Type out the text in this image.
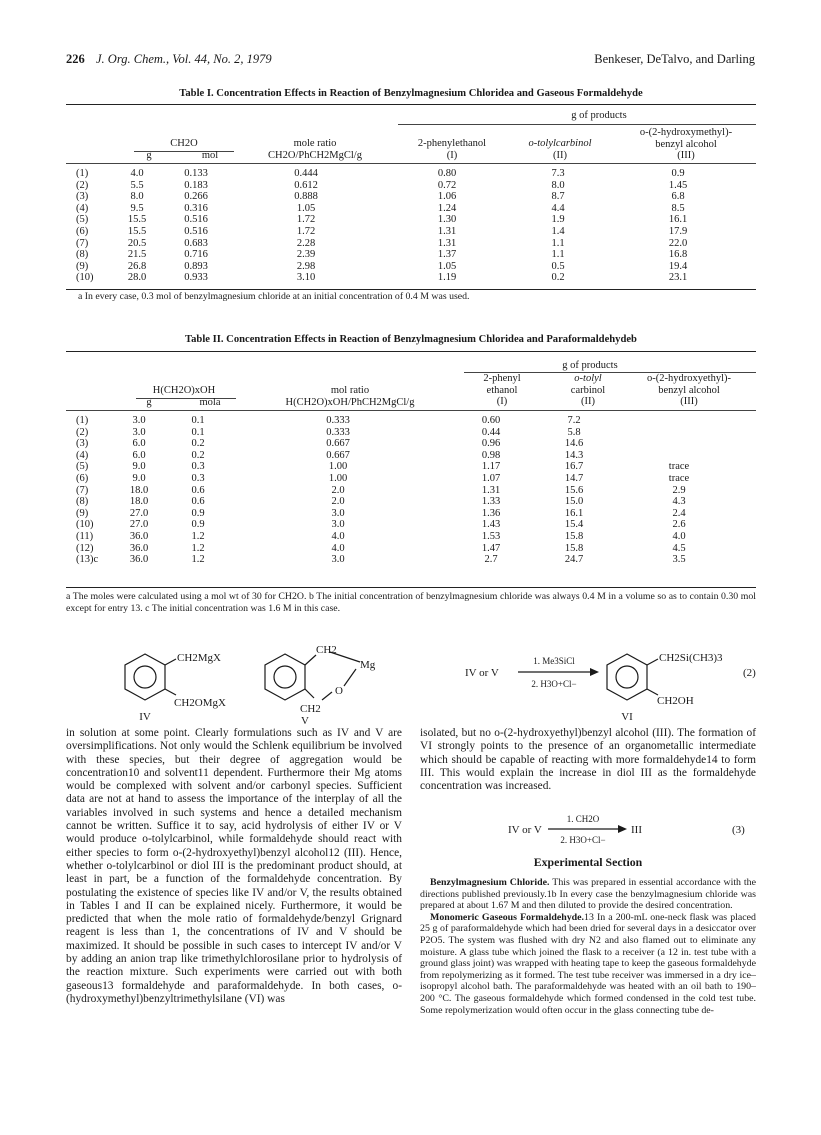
226 J. Org. Chem., Vol. 44, No. 2, 1979	Benkeser, DeTalvo, and Darling
Table I. Concentration Effects in Reaction of Benzylmagnesium Chloridea and Gaseous Formaldehyde
g of products
o-(2-hydroxymethyl)-
benzyl alcohol
(III)
2-phenylethanol
(I)
o-tolylcarbinol
(II)
mole ratio
CH2O/PhCH2MgCl/g
CH2O
g	mol
(1)	4.0	0.133	0.444	0.80	7.3	0.9
(2)	5.5	0.183	0.612	0.72	8.0	1.45
(3)	8.0	0.266	0.888	1.06	8.7	6.8
(4)	9.5	0.316	1.05	1.24	4.4	8.5
(5)	15.5	0.516	1.72	1.30	1.9	16.1
(6)	15.5	0.516	1.72	1.31	1.4	17.9
(7)	20.5	0.683	2.28	1.31	1.1	22.0
(8)	21.5	0.716	2.39	1.37	1.1	16.8
(9)	26.8	0.893	2.98	1.05	0.5	19.4
(10)	28.0	0.933	3.10	1.19	0.2	23.1
a In every case, 0.3 mol of benzylmagnesium chloride at an initial concentration of 0.4 M was used.
Table II. Concentration Effects in Reaction of Benzylmagnesium Chloridea and Paraformaldehydeb
g of products
2-phenyl
ethanol
(I)
o-tolyl
carbinol
(II)
o-(2-hydroxyethyl)-
benzyl alcohol
(III)
H(CH2O)xOH	mol ratio
H(CH2O)xOH/PhCH2MgCl/g
g	mola
(1)	3.0	0.1	0.333	0.60	7.2	
(2)	3.0	0.1	0.333	0.44	5.8	
(3)	6.0	0.2	0.667	0.96	14.6	
(4)	6.0	0.2	0.667	0.98	14.3	
(5)	9.0	0.3	1.00	1.17	16.7	trace
(6)	9.0	0.3	1.00	1.07	14.7	trace
(7)	18.0	0.6	2.0	1.31	15.6	2.9
(8)	18.0	0.6	2.0	1.33	15.0	4.3
(9)	27.0	0.9	3.0	1.36	16.1	2.4
(10)	27.0	0.9	3.0	1.43	15.4	2.6
(11)	36.0	1.2	4.0	1.53	15.8	4.0
(12)	36.0	1.2	4.0	1.47	15.8	4.5
(13)c	36.0	1.2	3.0	2.7	24.7	3.5
a The moles were calculated using a mol wt of 30 for CH2O. b The initial concentration of benzylmagnesium chloride was always 0.4 M in a volume so as to contain 0.30 mol except for entry 13. c The initial concentration was 1.6 M in this case.
CH2MgX
CH2OMgX
IV
CH2
Mg
O
CH2
V
IV or V
1. Me3SiCl
2. H3O+Cl−
CH2Si(CH3)3
CH2OH
VI
(2)

in solution at some point. Clearly formulations such as IV and V are oversimplifications. Not only would the Schlenk equilibrium be involved with these species, but their degree of aggregation would be concentration10 and solvent11 dependent. Furthermore their Mg atoms would be complexed with solvent and/or carbonyl species. Sufficient data are not at hand to assess the importance of the interplay of all the variables involved in such systems and hence a detailed mechanism cannot be written. Suffice it to say, acid hydrolysis of either IV or V would produce o-tolylcarbinol, while formaldehyde should react with either species to form o-(2-hydroxyethyl)benzyl alcohol12 (III). Hence, whether o-tolylcarbinol or diol III is the predominant product should, at least in part, be a function of the formaldehyde concentration. By postulating the existence of species like IV and/or V, the results obtained in Tables I and II can be explained nicely. Furthermore, it would be predicted that when the mole ratio of formaldehyde/benzyl Grignard reagent is less than 1, the concentrations of IV and V should be maximized. It should be possible in such cases to intercept IV and/or V by adding an anion trap like trimethylchlorosilane prior to hydrolysis of the reaction mixture. Such experiments were carried out with both gaseous13 formaldehyde and paraformaldehyde. In both cases, o-(hydroxymethyl)benzyltrimethylsilane (VI) was

isolated, but no o-(2-hydroxyethyl)benzyl alcohol (III). The formation of VI strongly points to the presence of an organometallic intermediate which should be capable of reacting with more formaldehyde14 to form III. This would explain the increase in diol III as the formaldehyde concentration was increased.

IV or V
1. CH2O
2. H3O+Cl−
III	(3)
Experimental Section

Benzylmagnesium Chloride. This was prepared in essential accordance with the directions published previously.1b In every case the benzylmagnesium chloride was prepared at about 1.67 M and then diluted to provide the desired concentration.

Monomeric Gaseous Formaldehyde.13 In a 200-mL one-neck flask was placed 25 g of paraformaldehyde which had been dried for several days in a desiccator over P2O5. The system was flushed with dry N2 and also flamed out to eliminate any moisture. A glass tube which joined the flask to a receiver (a 12 in. test tube with a ground glass joint) was wrapped with heating tape to keep the gaseous formaldehyde from repolymerizing as it formed. The test tube receiver was immersed in a dry ice–isopropyl alcohol bath. The paraformaldehyde was heated with an oil bath to 190–200 °C. The gaseous formaldehyde which formed condensed in the cold test tube. Some repolymerization would often occur in the glass connecting tube de-
